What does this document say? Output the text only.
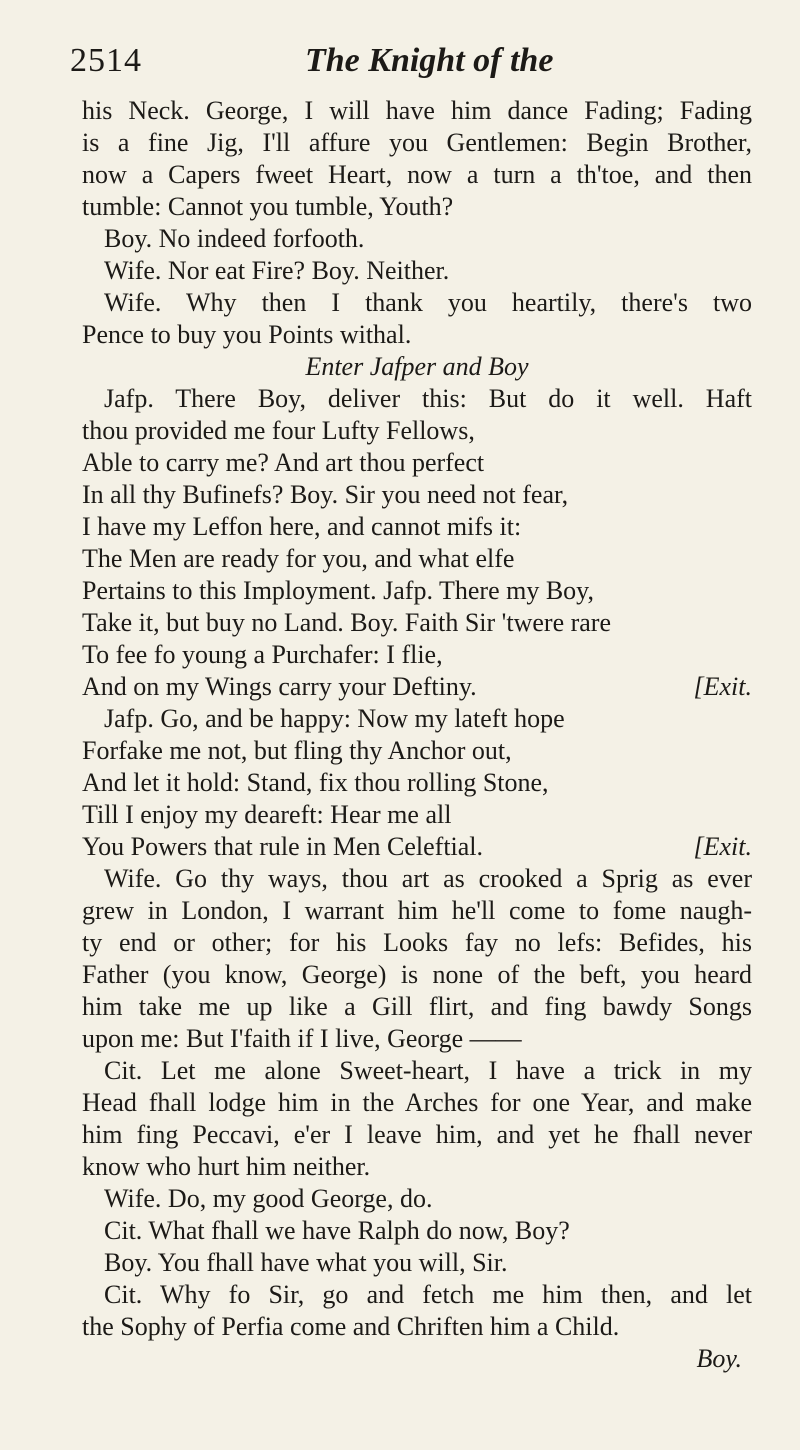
2514	The Knight of the
his Neck. George, I will have him dance Fading; Fading
is a fine Jig, I'll affure you Gentlemen: Begin Brother,
now a Capers fweet Heart, now a turn a th'toe, and then
tumble: Cannot you tumble, Youth?
Boy. No indeed forfooth.
Wife. Nor eat Fire? Boy. Neither.
Wife. Why then I thank you heartily, there's two
Pence to buy you Points withal.
Enter Jafper and Boy
Jafp. There Boy, deliver this: But do it well. Haft
thou provided me four Lufty Fellows,
Able to carry me? And art thou perfect
In all thy Bufinefs? Boy. Sir you need not fear,
I have my Leffon here, and cannot mifs it:
The Men are ready for you, and what elfe
Pertains to this Imployment. Jafp. There my Boy,
Take it, but buy no Land. Boy. Faith Sir 'twere rare
To fee fo young a Purchafer: I flie,
And on my Wings carry your Deftiny.	[Exit.
Jafp. Go, and be happy: Now my lateft hope
Forfake me not, but fling thy Anchor out,
And let it hold: Stand, fix thou rolling Stone,
Till I enjoy my deareft: Hear me all
You Powers that rule in Men Celeftial.	[Exit.
Wife. Go thy ways, thou art as crooked a Sprig as ever
grew in London, I warrant him he'll come to fome naugh-
ty end or other; for his Looks fay no lefs: Befides, his
Father (you know, George) is none of the beft, you heard
him take me up like a Gill flirt, and fing bawdy Songs
upon me: But I'faith if I live, George ——
Cit. Let me alone Sweet-heart, I have a trick in my
Head fhall lodge him in the Arches for one Year, and make
him fing Peccavi, e'er I leave him, and yet he fhall never
know who hurt him neither.
Wife. Do, my good George, do.
Cit. What fhall we have Ralph do now, Boy?
Boy. You fhall have what you will, Sir.
Cit. Why fo Sir, go and fetch me him then, and let
the Sophy of Perfia come and Chriften him a Child.
Boy.
